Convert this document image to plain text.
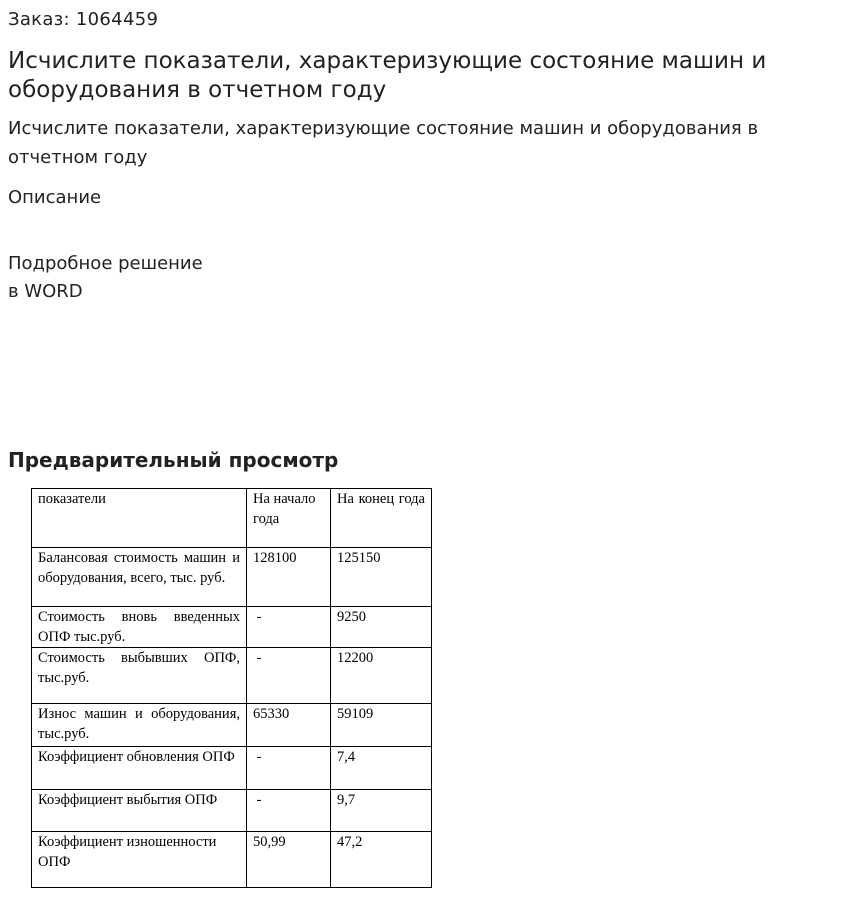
Заказ: 1064459
Исчислите показатели, характеризующие состояние машин и оборудования в отчетном году
Исчислите показатели, характеризующие состояние машин и оборудования в отчетном году
Описание
Подробное решение
в WORD
Предварительный просмотр
показатели	На начало года	На конец года
Балансовая стоимость машин и оборудования, всего, тыс. руб.	128100	125150
Стоимость вновь введенных ОПФ тыс.руб.	-	9250
Стоимость выбывших ОПФ, тыс.руб.	-	12200
Износ машин и оборудования, тыс.руб.	65330	59109
Коэффициент обновления ОПФ	-	7,4
Коэффициент выбытия ОПФ	-	9,7
Коэффициент изношенности ОПФ	50,99	47,2
